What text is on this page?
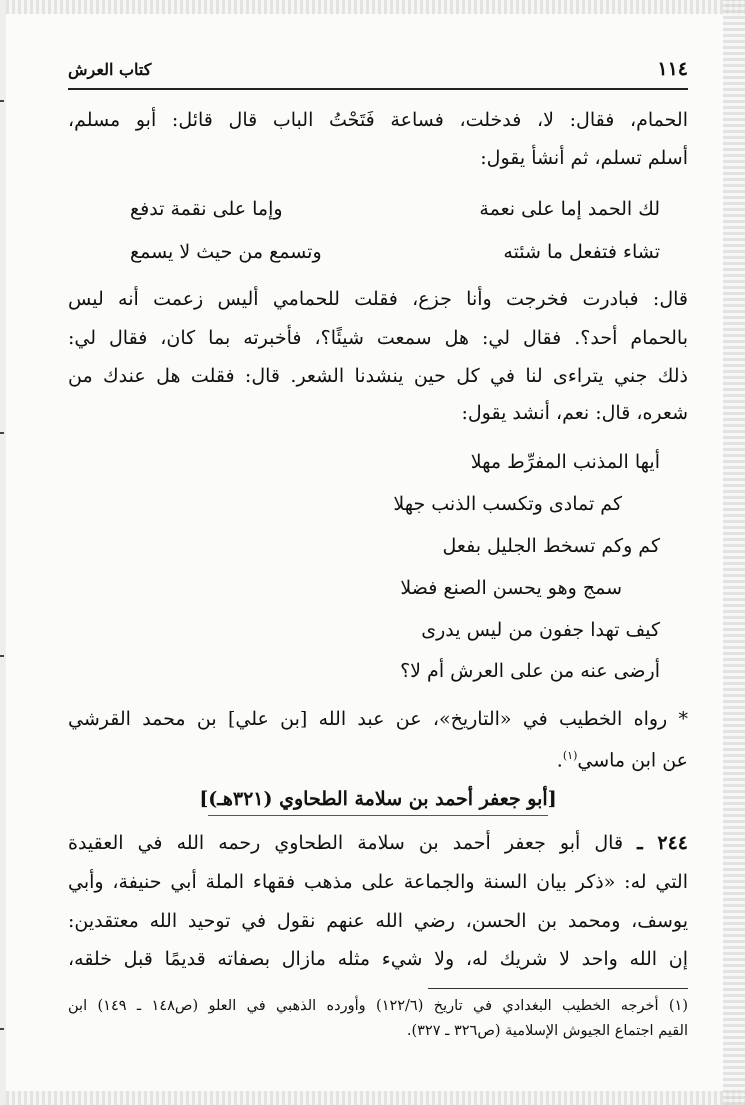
١١٤
كتاب العرش
الحمام، فقال: لا، فدخلت، فساعة فَتَحْتُ الباب قال قائل: أبو مسلم،
أسلم تسلم، ثم أنشأ يقول:
لك الحمد إما على نعمة
وإما على نقمة تدفع
تشاء فتفعل ما شئته
وتسمع من حيث لا يسمع
قال: فبادرت فخرجت وأنا جزع، فقلت للحمامي أليس زعمت أنه ليس
بالحمام أحد؟. فقال لي: هل سمعت شيئًا؟، فأخبرته بما كان، فقال لي:
ذلك جني يتراءى لنا في كل حين ينشدنا الشعر. قال: فقلت هل عندك من
شعره، قال: نعم، أنشد يقول:
أيها المذنب المفرِّط مهلا
كم تمادى وتكسب الذنب جهلا
كم وكم تسخط الجليل بفعل
سمج وهو يحسن الصنع فضلا
كيف تهدا جفون من ليس يدرى
أرضى عنه من على العرش أم لا؟
* رواه الخطيب في «التاريخ»، عن عبد الله [بن علي] بن محمد القرشي
عن ابن ماسي$^{(١)}$.
[أبو جعفر أحمد بن سلامة الطحاوي (٣٢١هـ)]
٢٤٤ ـ قال أبو جعفر أحمد بن سلامة الطحاوي رحمه الله في العقيدة
التي له: «ذكر بيان السنة والجماعة على مذهب فقهاء الملة أبي حنيفة، وأبي
يوسف، ومحمد بن الحسن، رضي الله عنهم نقول في توحيد الله معتقدين:
إن الله واحد لا شريك له، ولا شيء مثله مازال بصفاته قديمًا قبل خلقه،
(١) أخرجه الخطيب البغدادي في تاريخ (١٢٢/٦) وأورده الذهبي في العلو (ص١٤٨ ـ ١٤٩) ابن
القيم اجتماع الجيوش الإسلامية (ص٣٢٦ ـ ٣٢٧).
